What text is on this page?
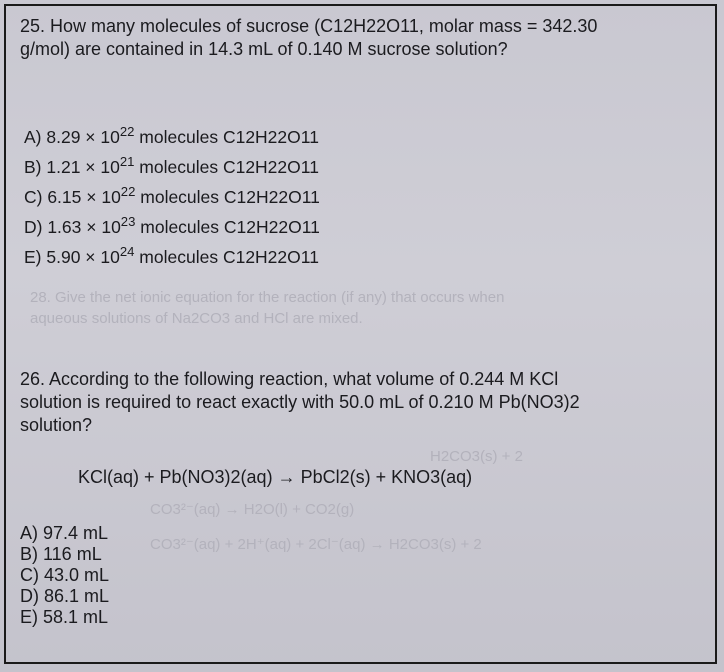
28. Give the net ionic equation for the reaction (if any) that occurs when
aqueous solutions of Na2CO3 and HCl are mixed.
H2CO3(s) + 2
CO3²⁻(aq) → H2O(l) + CO2(g)
CO3²⁻(aq) + 2H⁺(aq) + 2Cl⁻(aq) → H2CO3(s) + 2

25. How many molecules of sucrose (C12H22O11, molar mass = 342.30

g/mol) are contained in 14.3 mL of 0.140 M sucrose solution?

A) $8.29 \times 10^{22}$ molecules C12H22O11
B) $1.21 \times 10^{21}$ molecules C12H22O11
C) $6.15 \times 10^{22}$ molecules C12H22O11
D) $1.63 \times 10^{23}$ molecules C12H22O11
E) $5.90 \times 10^{24}$ molecules C12H22O11

26. According to the following reaction, what volume of 0.244 M KCl

solution is required to react exactly with 50.0 mL of 0.210 M Pb(NO3)2

solution?

KCl(aq) + Pb(NO3)2(aq) → PbCl2(s) + KNO3(aq)
A) 97.4 mL
B) 116 mL
C) 43.0 mL
D) 86.1 mL
E) 58.1 mL
